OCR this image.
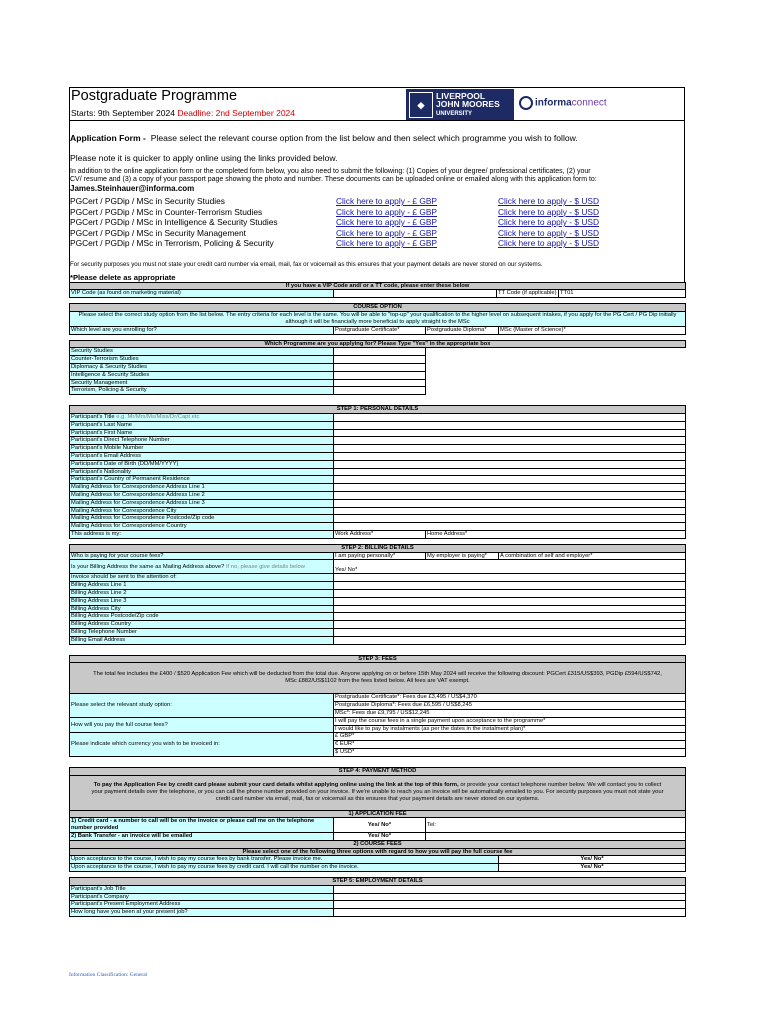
Postgraduate Programme
Starts: 9th September 2024 Deadline: 2nd September 2024
◆
LIVERPOOL
JOHN MOORES
UNIVERSITY
informaconnect
Application Form - Please select the relevant course option from the list below and then select which programme you wish to follow.
Please note it is quicker to apply online using the links provided below.
In addition to the online application form or the completed form below, you also need to submit the following: (1) Copies of your degree/ professional certificates, (2) your
CV/ resume and (3) a copy of your passport page showing the photo and number. These documents can be uploaded online or emailed along with this application form to:
James.Steinhauer@informa.com
PGCert / PGDip / MSc in Security Studies	Click here to apply - £ GBP	Click here to apply - $ USD
PGCert / PGDip / MSc in Counter-Terrorism Studies	Click here to apply - £ GBP	Click here to apply - $ USD
PGCert / PGDip / MSc in Intelligence & Security Studies	Click here to apply - £ GBP	Click here to apply - $ USD
PGCert / PGDip / MSc in Security Management	Click here to apply - £ GBP	Click here to apply - $ USD
PGCert / PGDip / MSc in Terrorism, Policing & Security	Click here to apply - £ GBP	Click here to apply - $ USD
For security purposes you must not state your credit card number via email, mail, fax or voicemail as this ensures that your payment details are never stored on our systems.
*Please delete as appropriate
If you have a VIP Code and/ or a TT code, please enter these below
VIP Code (as found on marketing material)		TT Code (if applicable)	TT01
COURSE OPTION
Please select the correct study option from the list below. The entry criteria for each level is the same. You will be able to "top-up" your qualification to the higher level on subsequent intakes, if you apply for the PG Cert / PG Dip initially although it will be financially more beneficial to apply straight to the MSc
Which level are you enrolling for?	Postgraduate Certificate*	Postgraduate Diploma*	MSc (Master of Science)*
Which Programme are you applying for? Please Type "Yes" in the appropriate box		
Security Studies		
Counter-Terrorism Studies		
Diplomacy & Security Studies		
Intelligence & Security Studies		
Security Management		
Terrorism, Policing & Security		
STEP 1: PERSONAL DETAILS		
Participant's Title e.g. Mr/Mrs/Ms/Miss/Dr/Capt etc		
Participant's Last Name		
Participant's First Name		
Participant's Direct Telephone Number		
Participant's Mobile Number		
Participant's Email Address		
Participant's Date of Birth (DD/MM/YYYY)		
Participant's Nationality		
Participant's Country of Permanent Residence		
Mailing Address for Correspondence Address Line 1		
Mailing Address for Correspondence Address Line 2		
Mailing Address for Correspondence Address Line 3		
Mailing Address for Correspondence City		
Mailing Address for Correspondence Postcode/Zip code		
Mailing Address for Correspondence Country		
This address is my:	Work Address*	Home Address*
STEP 2: BILLING DETAILS			
Who is paying for your course fees?	I am paying personally*	My employer is paying*	A combination of self and employer*
Is your Billing Address the same as Mailing Address above? If no, please give details below	Yes/ No*		
Invoice should be sent to the attention of:			
Billing Address Line 1			
Billing Address Line 2			
Billing Address Line 3			
Billing Address City			
Billing Address Postcode/Zip code			
Billing Address Country			
Billing Telephone Number			
Billing Email Address			
STEP 3: FEES	
The total fee includes the £400 / $520 Application Fee which will be deducted from the total due. Anyone applying on or before 15th May 2024 will receive the following discount: PGCert £315/US$393, PGDip £594/US$742, MSc £882/US$1102 from the fees listed below. All fees are VAT exempt.	
Please select the relevant study option:	Postgraduate Certificate*: Fees due £3,495 / US$4,370
	Postgraduate Diploma*: Fees due £6,595 / US$8,245
	MSc*: Fees due £9,795 / US$12,245
How will you pay the full course fees?	I will pay the course fees in a single payment upon acceptance to the programme*
	I would like to pay by instalments (as per the dates in the instalment plan)*
Please indicate which currency you wish to be invoiced in:	£ GBP*
	€ EUR*
	$ USD*
STEP 4: PAYMENT METHOD			
To pay the Application Fee by credit card please submit your card details whilst applying online using the link at the top of this form, or provide your contact telephone number below. We will contact you to collect your payment details over the telephone, or you can call the phone number provided on your invoice. If we're unable to reach you an invoice will be automatically emailed to you. For security purposes you must not state your credit card number via email, mail, fax or voicemail as this ensures that your payment details are never stored on our systems.			
1) APPLICATION FEE			
1) Credit card - a number to call will be on the invoice or please call me on the telephone number provided	Yes/ No*	Tel:	
2) Bank Transfer - an invoice will be emailed	Yes/ No*		
2) COURSE FEES			
Please select one of the following three options with regard to how you will pay the full course fee			
Upon acceptance to the course, I wish to pay my course fees by bank transfer. Please invoice me.			Yes/ No*
Upon acceptance to the course, I wish to pay my course fees by credit card. I will call the number on the invoice.			Yes/ No*
STEP 5: EMPLOYMENT DETAILS	
Participant's Job Title	
Participant's Company	
Participant's Present Employment Address	
How long have you been at your present job?	
Information Classification: General
